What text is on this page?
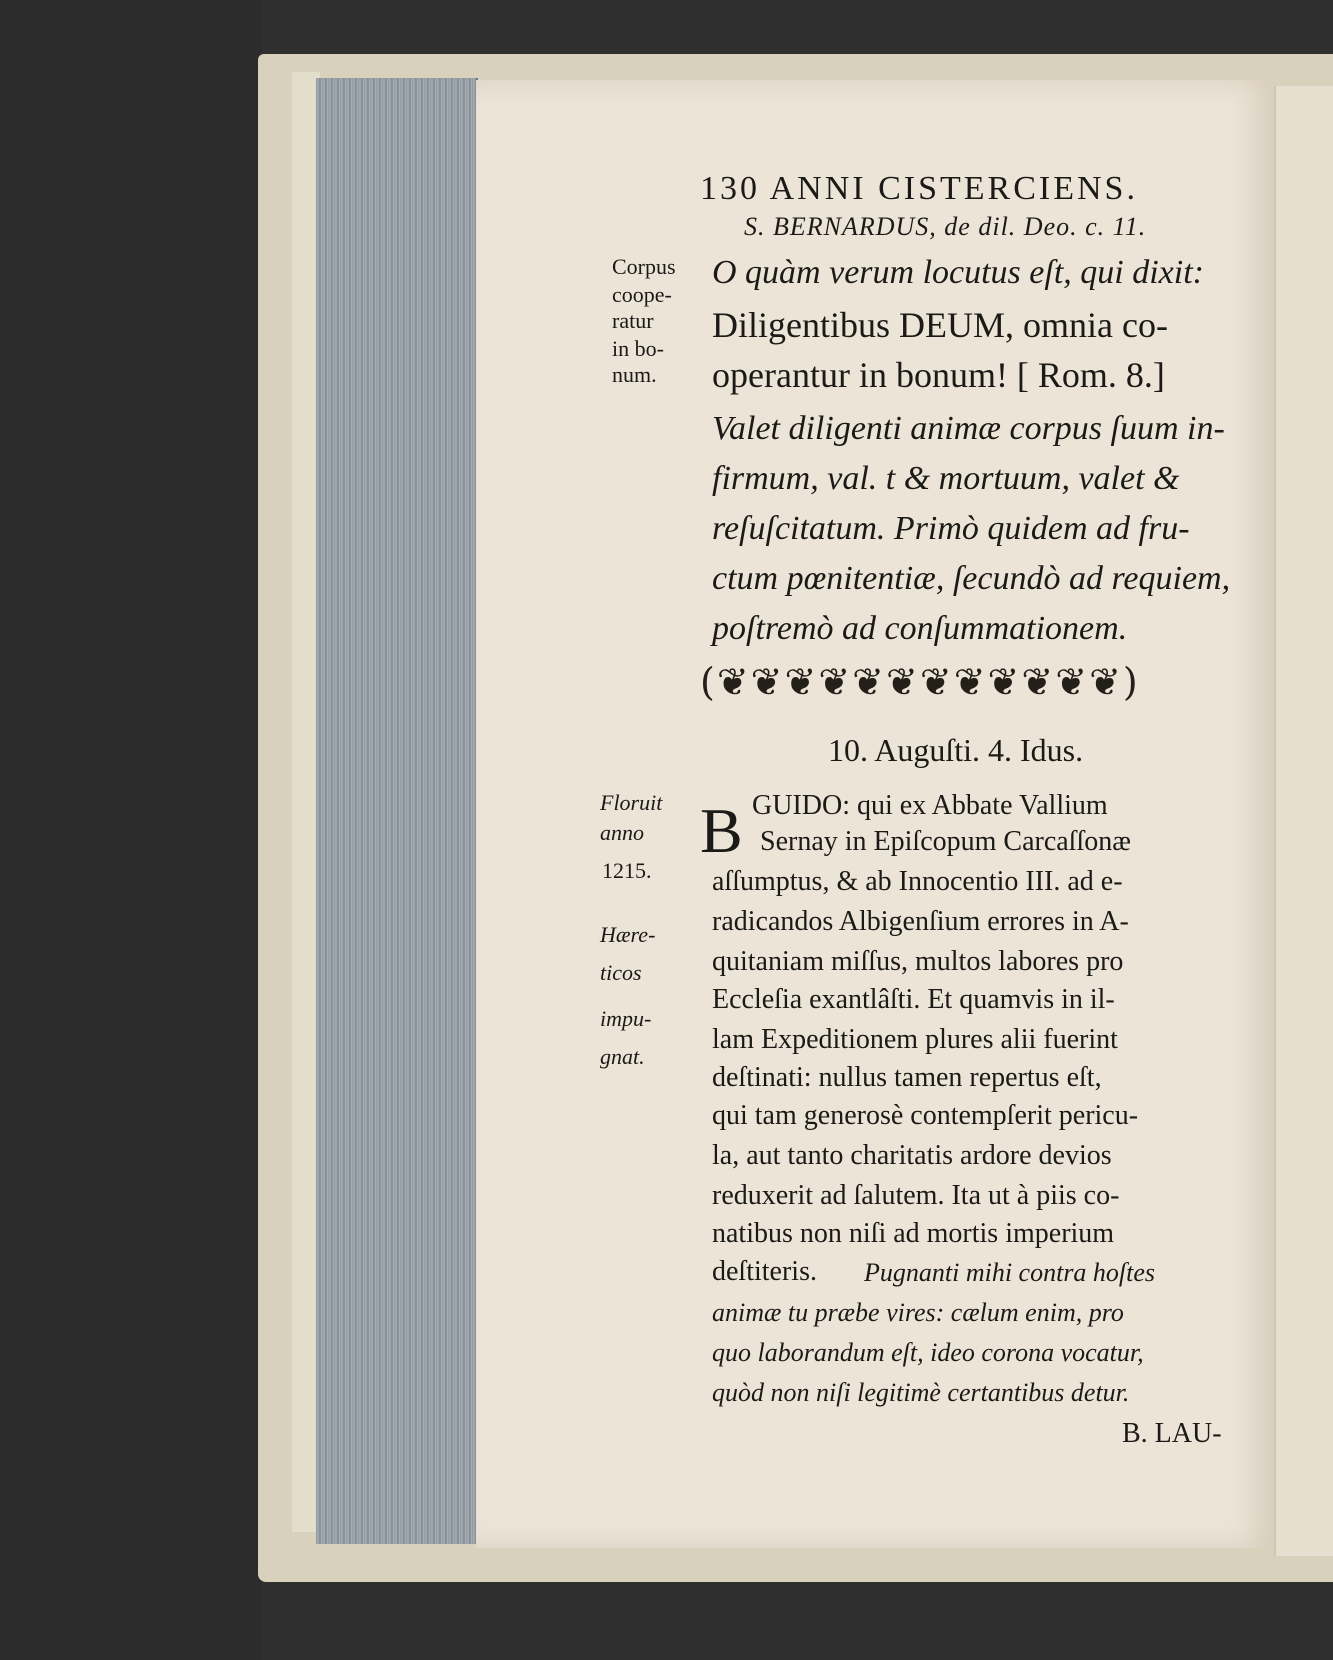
130 ANNI CISTERCIENS.
S. BERNARDUS, de dil. Deo. c. 11.
Corpus
coope-
ratur
in bo-
num.
O quàm verum locutus eſt, qui dixit:
Diligentibus DEUM, omnia co-
operantur in bonum! [ Rom. 8.]
Valet diligenti animæ corpus ſuum in-
firmum, val. t & mortuum, valet &
reſuſcitatum. Primò quidem ad fru-
ctum pœnitentiæ, ſecundò ad requiem,
poſtremò ad conſummationem.
(❦❦❦❦❦❦❦❦❦❦❦❦)
10. Auguſti. 4. Idus.
Floruit
anno
1215.
Hære-
ticos
impu-
gnat.
B GUIDO: qui ex Abbate Vallium
Sernay in Epiſcopum Carcaſſonæ
aſſumptus, & ab Innocentio III. ad e-
radicandos Albigenſium errores in A-
quitaniam miſſus, multos labores pro
Eccleſia exantlâſti. Et quamvis in il-
lam Expeditionem plures alii fuerint
deſtinati: nullus tamen repertus eſt,
qui tam generosè contempſerit pericu-
la, aut tanto charitatis ardore devios
reduxerit ad ſalutem. Ita ut à piis co-
natibus non niſi ad mortis imperium
deſtiteris. Pugnanti mihi contra hoſtes
animæ tu præbe vires: cælum enim, pro
quo laborandum eſt, ideo corona vocatur,
quòd non niſi legitimè certantibus detur.
B. LAU-
